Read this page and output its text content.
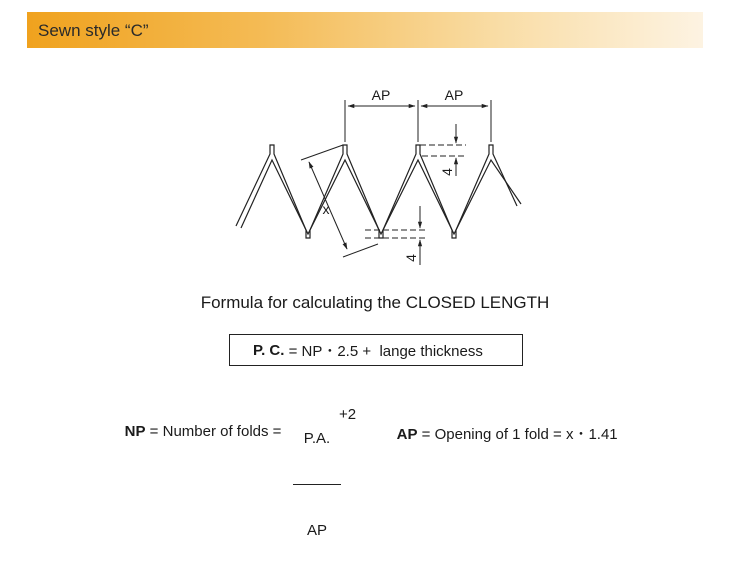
Sewn style “C”
AP	AP
x
4
4
Formula for calculating the CLOSED LENGTH
P. C. = NP・2.5 +  lange thickness

NP = Number of folds =

	P.A.

AP

+2

AP = Opening of 1 fold = x・1.41
